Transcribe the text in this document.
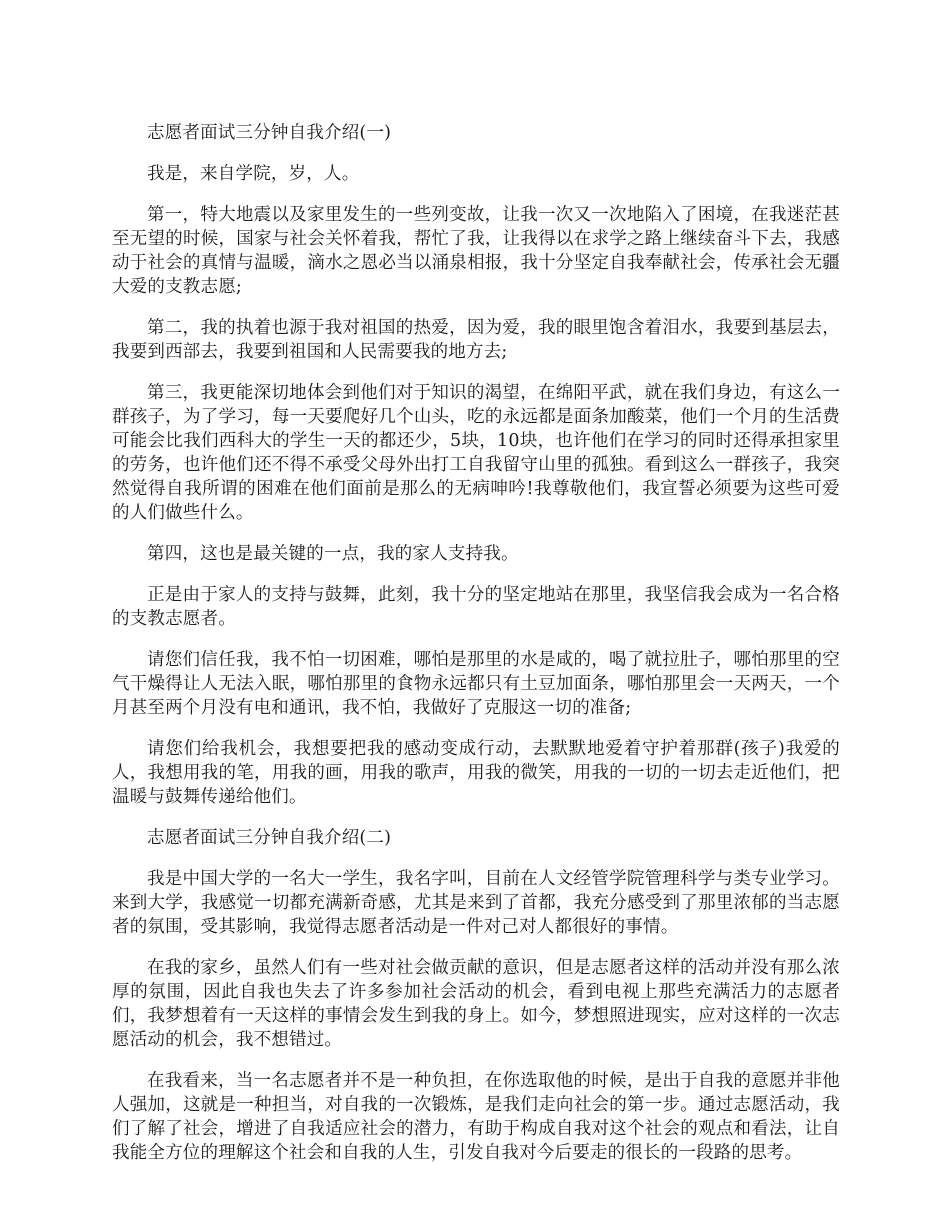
志愿者面试三分钟自我介绍(一)

我是，来自学院，岁，人。

第一，特大地震以及家里发生的一些列变故，让我一次又一次地陷入了困境，在我迷茫甚至无望的时候，国家与社会关怀着我，帮忙了我，让我得以在求学之路上继续奋斗下去，我感动于社会的真情与温暖，滴水之恩必当以涌泉相报，我十分坚定自我奉献社会，传承社会无疆大爱的支教志愿;

第二，我的执着也源于我对祖国的热爱，因为爱，我的眼里饱含着泪水，我要到基层去，我要到西部去，我要到祖国和人民需要我的地方去;

第三，我更能深切地体会到他们对于知识的渴望，在绵阳平武，就在我们身边，有这么一群孩子，为了学习，每一天要爬好几个山头，吃的永远都是面条加酸菜，他们一个月的生活费可能会比我们西科大的学生一天的都还少，5块，10块，也许他们在学习的同时还得承担家里的劳务，也许他们还不得不承受父母外出打工自我留守山里的孤独。看到这么一群孩子，我突然觉得自我所谓的困难在他们面前是那么的无病呻吟!我尊敬他们，我宣誓必须要为这些可爱的人们做些什么。

第四，这也是最关键的一点，我的家人支持我。

正是由于家人的支持与鼓舞，此刻，我十分的坚定地站在那里，我坚信我会成为一名合格的支教志愿者。

请您们信任我，我不怕一切困难，哪怕是那里的水是咸的，喝了就拉肚子，哪怕那里的空气干燥得让人无法入眠，哪怕那里的食物永远都只有土豆加面条，哪怕那里会一天两天，一个月甚至两个月没有电和通讯，我不怕，我做好了克服这一切的准备;

请您们给我机会，我想要把我的感动变成行动，去默默地爱着守护着那群(孩子)我爱的人，我想用我的笔，用我的画，用我的歌声，用我的微笑，用我的一切的一切去走近他们，把温暖与鼓舞传递给他们。

志愿者面试三分钟自我介绍(二)

我是中国大学的一名大一学生，我名字叫，目前在人文经管学院管理科学与类专业学习。来到大学，我感觉一切都充满新奇感，尤其是来到了首都，我充分感受到了那里浓郁的当志愿者的氛围，受其影响，我觉得志愿者活动是一件对己对人都很好的事情。

在我的家乡，虽然人们有一些对社会做贡献的意识，但是志愿者这样的活动并没有那么浓厚的氛围，因此自我也失去了许多参加社会活动的机会，看到电视上那些充满活力的志愿者们，我梦想着有一天这样的事情会发生到我的身上。如今，梦想照进现实，应对这样的一次志愿活动的机会，我不想错过。

在我看来，当一名志愿者并不是一种负担，在你选取他的时候，是出于自我的意愿并非他人强加，这就是一种担当，对自我的一次锻炼，是我们走向社会的第一步。通过志愿活动，我们了解了社会，增进了自我适应社会的潜力，有助于构成自我对这个社会的观点和看法，让自我能全方位的理解这个社会和自我的人生，引发自我对今后要走的很长的一段路的思考。
